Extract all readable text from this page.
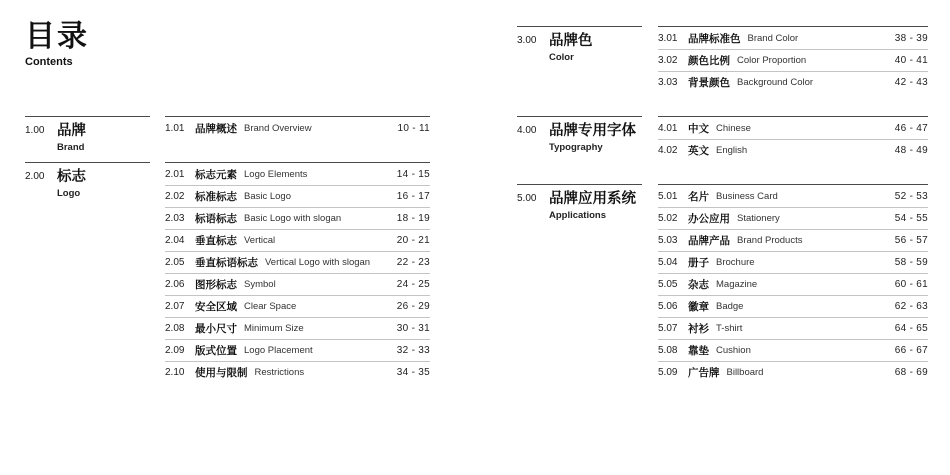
目录
Contents
1.00 品牌
Brand
2.00 标志
Logo
1.01	品牌概述 Brand Overview	10 - 11
2.01	标志元素 Logo Elements	14 - 15
2.02	标准标志 Basic Logo	16 - 17
2.03	标语标志 Basic Logo with slogan	18 - 19
2.04	垂直标志 Vertical	20 - 21
2.05	垂直标语标志 Vertical Logo with slogan	22 - 23
2.06	图形标志 Symbol	24 - 25
2.07	安全区域 Clear Space	26 - 29
2.08	最小尺寸 Minimum Size	30 - 31
2.09	版式位置 Logo Placement	32 - 33
2.10	使用与限制 Restrictions	34 - 35
3.00 品牌色
Color
4.00 品牌专用字体
Typography
5.00 品牌应用系统
Applications
3.01	品牌标准色 Brand Color	38 - 39
3.02	颜色比例 Color Proportion	40 - 41
3.03	背景颜色 Background Color	42 - 43
4.01	中文 Chinese	46 - 47
4.02	英文 English	48 - 49
5.01	名片 Business Card	52 - 53
5.02	办公应用 Stationery	54 - 55
5.03	品牌产品 Brand Products	56 - 57
5.04	册子 Brochure	58 - 59
5.05	杂志 Magazine	60 - 61
5.06	徽章 Badge	62 - 63
5.07	衬衫 T-shirt	64 - 65
5.08	靠垫 Cushion	66 - 67
5.09	广告牌 Billboard	68 - 69
